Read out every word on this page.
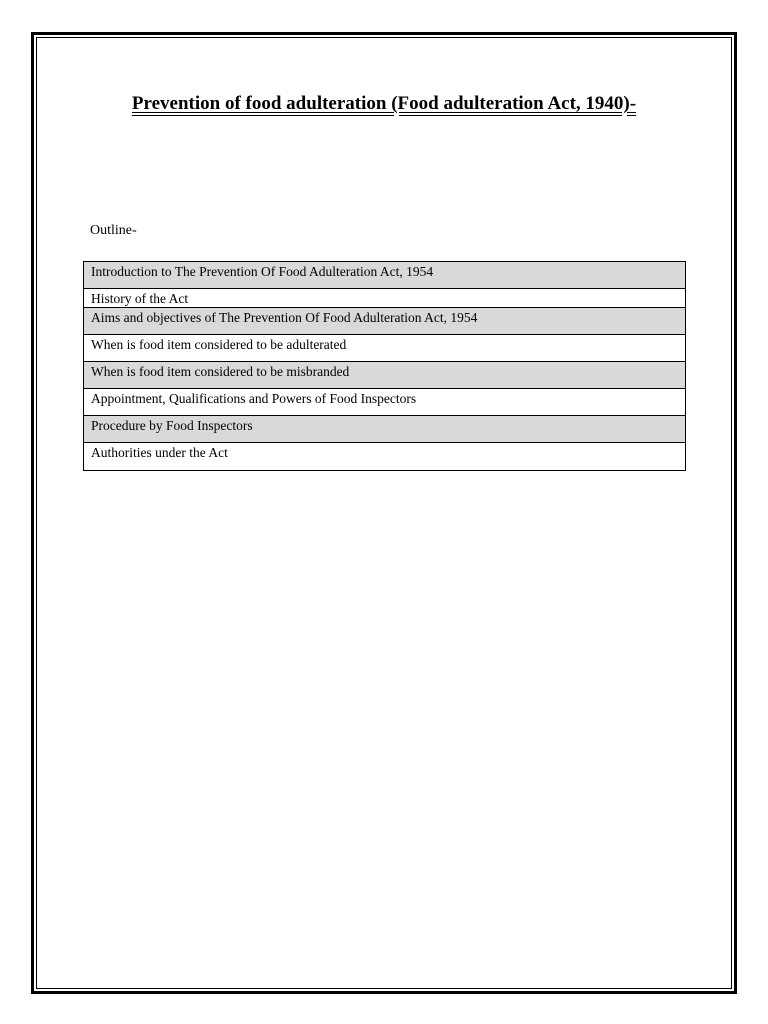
Prevention of food adulteration (Food adulteration Act, 1940)-
Outline-
Introduction to The Prevention Of Food Adulteration Act, 1954
History of the Act
Aims and objectives of The Prevention Of Food Adulteration Act, 1954
When is food item considered to be adulterated
When is food item considered to be misbranded
Appointment, Qualifications and Powers of Food Inspectors
Procedure by Food Inspectors
Authorities under the Act
